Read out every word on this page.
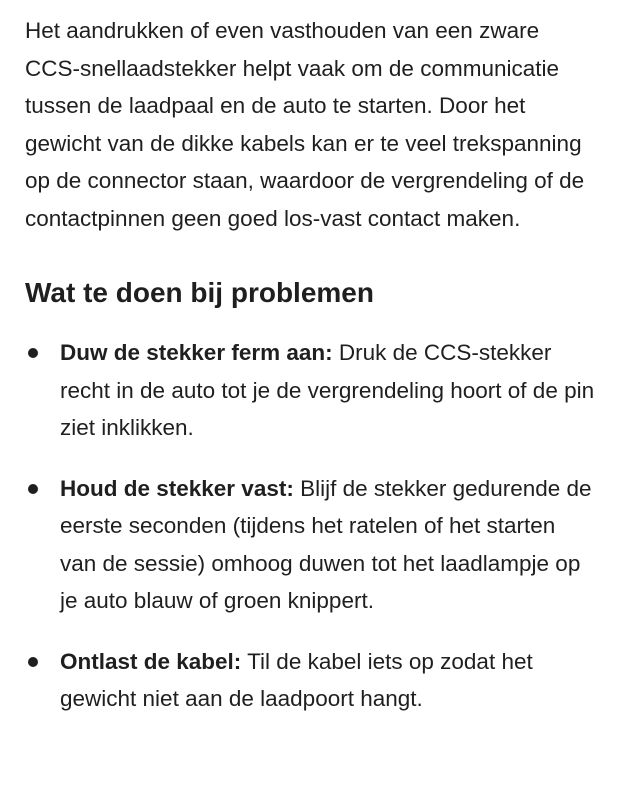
Het aandrukken of even vasthouden van een zware CCS-snellaadstekker helpt vaak om de communicatie tussen de laadpaal en de auto te starten. Door het gewicht van de dikke kabels kan er te veel trekspanning op de connector staan, waardoor de vergrendeling of de contactpinnen geen goed los-vast contact maken.

Wat te doen bij problemen
Duw de stekker ferm aan: Druk de CCS-stekker recht in de auto tot je de vergrendeling hoort of de pin ziet inklikken.
Houd de stekker vast: Blijf de stekker gedurende de eerste seconden (tijdens het ratelen of het starten van de sessie) omhoog duwen tot het laadlampje op je auto blauw of groen knippert.
Ontlast de kabel: Til de kabel iets op zodat het gewicht niet aan de laadpoort hangt.
